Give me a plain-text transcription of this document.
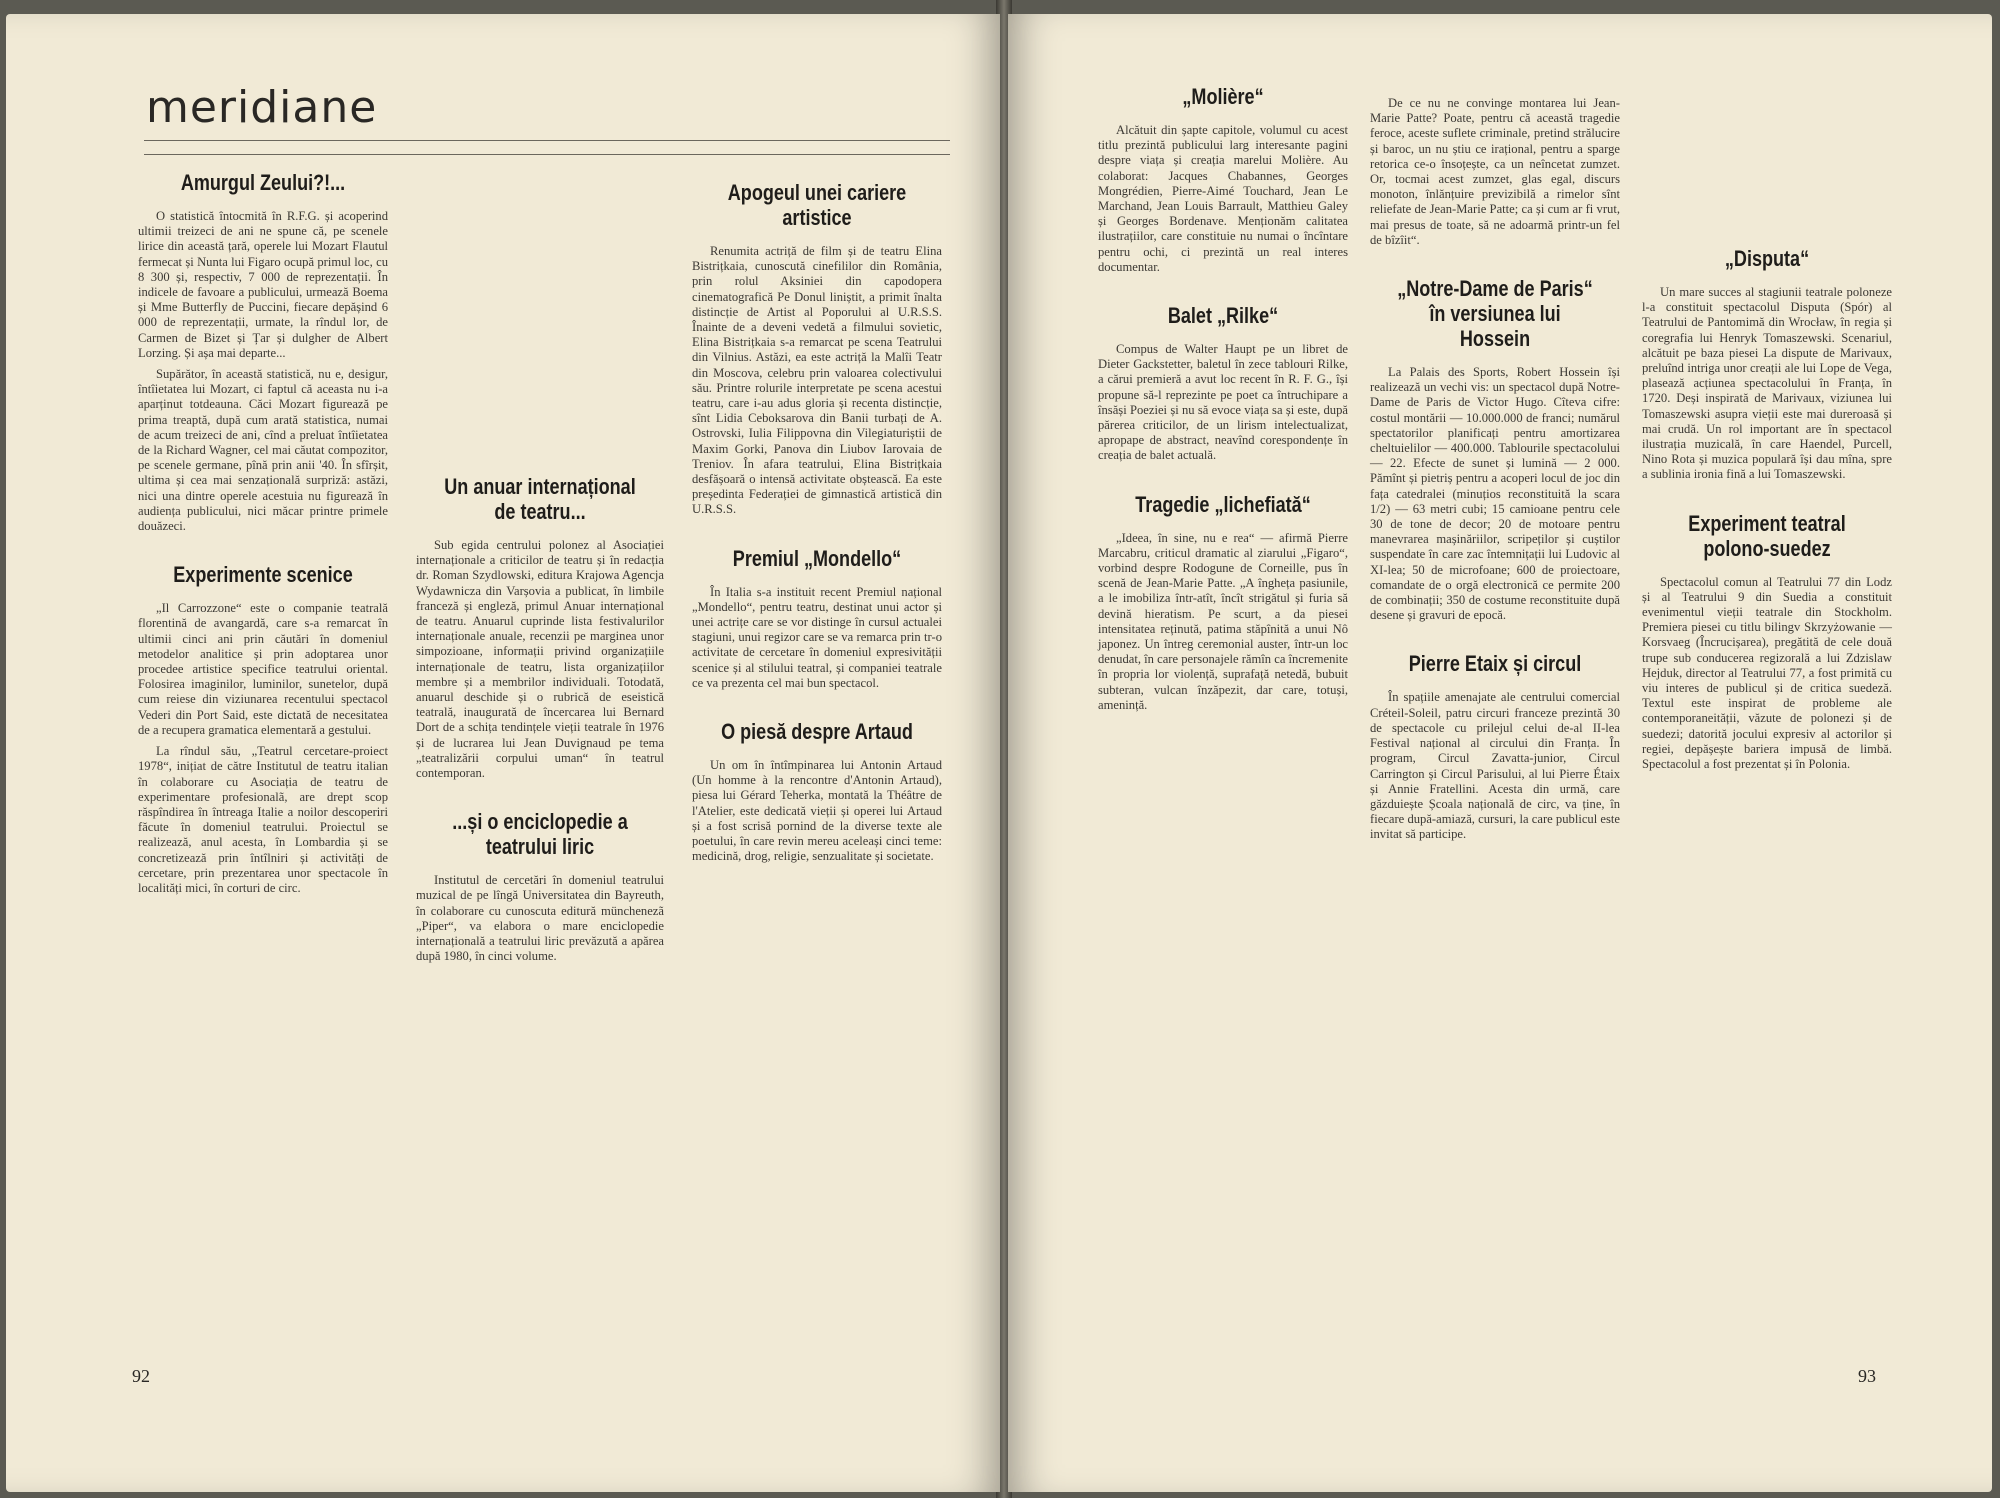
meridiane
Amurgul Zeului?!...

O statistică întocmită în R.F.G. și acoperind ultimii treizeci de ani ne spune că, pe scenele lirice din această țară, operele lui Mozart Flautul fermecat și Nunta lui Figaro ocupă primul loc, cu 8 300 și, respectiv, 7 000 de reprezentații. În indicele de favoare a publicului, urmează Boema și Mme Butterfly de Puccini, fiecare depășind 6 000 de reprezentații, urmate, la rîndul lor, de Carmen de Bizet și Țar și dulgher de Albert Lorzing. Și așa mai departe...

Supărător, în această statistică, nu e, desigur, întîietatea lui Mozart, ci faptul că aceasta nu i-a aparținut totdeauna. Căci Mozart figurează pe prima treaptă, după cum arată statistica, numai de acum treizeci de ani, cînd a preluat întîietatea de la Richard Wagner, cel mai căutat compozitor, pe scenele germane, pînă prin anii '40. În sfîrșit, ultima și cea mai senzațională surpriză: astăzi, nici una dintre operele acestuia nu figurează în audiența publicului, nici măcar printre primele douăzeci.

Experimente scenice

„Il Carrozzone“ este o companie teatrală florentină de avangardă, care s-a remarcat în ultimii cinci ani prin căutări în domeniul metodelor analitice și prin adoptarea unor procedee artistice specifice teatrului oriental. Folosirea imaginilor, luminilor, sunetelor, după cum reiese din viziunarea recentului spectacol Vederi din Port Said, este dictată de necesitatea de a recupera gramatica elementară a gestului.

La rîndul său, „Teatrul cercetare-proiect 1978“, inițiat de către Institutul de teatru italian în colaborare cu Asociația de teatru de experimentare profesionalã, are drept scop răspîndirea în întreaga Italie a noilor descoperiri făcute în domeniul teatrului. Proiectul se realizează, anul acesta, în Lombardia și se concretizează prin întîlniri și activități de cercetare, prin prezentarea unor spectacole în localități mici, în corturi de circ.

Un anuar internațional de teatru...

Sub egida centrului polonez al Asociației internaționale a criticilor de teatru și în redacția dr. Roman Szydlowski, editura Krajowa Agencja Wydawnicza din Varșovia a publicat, în limbile franceză și engleză, primul Anuar internațional de teatru. Anuarul cuprinde lista festivalurilor internaționale anuale, recenzii pe marginea unor simpozioane, informații privind organizațiile internaționale de teatru, lista organizațiilor membre și a membrilor individuali. Totodată, anuarul deschide și o rubrică de eseistică teatrală, inaugurată de încercarea lui Bernard Dort de a schița tendințele vieții teatrale în 1976 și de lucrarea lui Jean Duvignaud pe tema „teatralizării corpului uman“ în teatrul contemporan.

...și o enciclopedie a teatrului liric

Institutul de cercetări în domeniul teatrului muzical de pe lîngă Universitatea din Bayreuth, în colaborare cu cunoscuta editură münchenezã „Piper“, va elabora o mare enciclopedie internațională a teatrului liric prevăzută a apărea după 1980, în cinci volume.

Apogeul unei cariere artistice

Renumita actriță de film și de teatru Elina Bistrițkaia, cunoscută cinefililor din România, prin rolul Aksiniei din capodopera cinematografică Pe Donul liniștit, a primit înalta distincție de Artist al Poporului al U.R.S.S. Înainte de a deveni vedetă a filmului sovietic, Elina Bistrițkaia s-a remarcat pe scena Teatrului din Vilnius. Astăzi, ea este actriță la Malîi Teatr din Moscova, celebru prin valoarea colectivului său. Printre rolurile interpretate pe scena acestui teatru, care i-au adus gloria și recenta distincție, sînt Lidia Ceboksarova din Banii turbați de A. Ostrovski, Iulia Filippovna din Vilegiaturiștii de Maxim Gorki, Panova din Liubov Iarovaia de Treniov. În afara teatrului, Elina Bistrițkaia desfășoară o intensă activitate obștească. Ea este președinta Federației de gimnastică artistică din U.R.S.S.

Premiul „Mondello“

În Italia s-a instituit recent Premiul național „Mondello“, pentru teatru, destinat unui actor și unei actrițe care se vor distinge în cursul actualei stagiuni, unui regizor care se va remarca prin tr-o activitate de cercetare în domeniul expresivității scenice și al stilului teatral, și companiei teatrale ce va prezenta cel mai bun spectacol.

O piesă despre Artaud

Un om în întîmpinarea lui Antonin Artaud (Un homme à la rencontre d'Antonin Artaud), piesa lui Gérard Teherka, montată la Théâtre de l'Atelier, este dedicată vieții și operei lui Artaud și a fost scrisă pornind de la diverse texte ale poetului, în care revin mereu aceleași cinci teme: medicină, drog, religie, senzualitate și societate.

92
„Molière“

Alcătuit din șapte capitole, volumul cu acest titlu prezintă publicului larg interesante pagini despre viața și creația marelui Molière. Au colaborat: Jacques Chabannes, Georges Mongrédien, Pierre-Aimé Touchard, Jean Le Marchand, Jean Louis Barrault, Matthieu Galey și Georges Bordenave. Menționăm calitatea ilustrațiilor, care constituie nu numai o încîntare pentru ochi, ci prezintă un real interes documentar.

Balet „Rilke“

Compus de Walter Haupt pe un libret de Dieter Gackstetter, baletul în zece tablouri Rilke, a cărui premieră a avut loc recent în R. F. G., își propune să-l reprezinte pe poet ca întruchipare a însăși Poeziei și nu să evoce viața sa și este, după părerea criticilor, de un lirism intelectualizat, apropape de abstract, neavînd corespondențe în creația de balet actuală.

Tragedie „lichefiată“

„Ideea, în sine, nu e rea“ — afirmă Pierre Marcabru, criticul dramatic al ziarului „Figaro“, vorbind despre Rodogune de Corneille, pus în scenă de Jean-Marie Patte. „A înghețа pasiunile, a le imobiliza într-atît, încît strigătul și furia să devină hieratism. Pe scurt, a da piesei intensitatea reținută, patima stăpînită a unui Nô japonez. Un întreg ceremonial auster, într-un loc denudat, în care personajele rămîn ca încremenite în propria lor violență, suprafață netedă, bubuit subteran, vulcan înzăpezit, dar care, totuși, amenință.

De ce nu ne convinge montarea lui Jean-Marie Patte? Poate, pentru că această tragedie feroce, aceste suflete criminale, pretind strălucire și baroc, un nu știu ce irațional, pentru a sparge retorica ce-o însoțește, ca un neîncetat zumzet. Or, tocmai acest zumzet, glas egal, discurs monoton, înlănțuire previzibilă a rimelor sînt reliefate de Jean-Marie Patte; ca și cum ar fi vrut, mai presus de toate, să ne adoarmă printr-un fel de bîzîit“.

„Notre-Dame de Paris“ în versiunea lui Hossein

La Palais des Sports, Robert Hossein își realizează un vechi vis: un spectacol după Notre-Dame de Paris de Victor Hugo. Cîteva cifre: costul montării — 10.000.000 de franci; numărul spectatorilor planificați pentru amortizarea cheltuielilor — 400.000. Tablourile spectacolului — 22. Efecte de sunet și lumină — 2 000. Pămînt și pietriș pentru a acoperi locul de joc din fața catedralei (minuțios reconstituită la scara 1/2) — 63 metri cubi; 15 camioane pentru cele 30 de tone de decor; 20 de motoare pentru manevrarea mașinăriilor, scripeților și cuștilor suspendate în care zac întemnițații lui Ludovic al XI-lea; 50 de microfoane; 600 de proiectoare, comandate de o orgă electronică ce permite 200 de combinații; 350 de costume reconstituite după desene și gravuri de epocă.

Pierre Etaix și circul

În spațiile amenajate ale centrului comercial Créteil-Soleil, patru circuri franceze prezintă 30 de spectacole cu prilejul celui de-al II-lea Festival național al circului din Franța. În program, Circul Zavatta-junior, Circul Carrington și Circul Parisului, al lui Pierre Étaix și Annie Fratellini. Acesta din urmă, care găzduiește Școala națională de circ, va ține, în fiecare după-amiază, cursuri, la care publicul este invitat să participe.

„Disputa“

Un mare succes al stagiunii teatrale poloneze l-a constituit spectacolul Disputa (Spór) al Teatrului de Pantomimă din Wrocław, în regia și coregrafia lui Henryk Tomaszewski. Scenariul, alcătuit pe baza piesei La dispute de Marivaux, preluînd intriga unor creații ale lui Lope de Vega, plasează acțiunea spectacolului în Franța, în 1720. Deși inspirată de Marivaux, viziunea lui Tomaszewski asupra vieții este mai dureroasă și mai crudă. Un rol important are în spectacol ilustrația muzicală, în care Haendel, Purcell, Nino Rota și muzica populară își dau mîna, spre a sublinia ironia fină a lui Tomaszewski.

Experiment teatral polono-suedez

Spectacolul comun al Teatrului 77 din Lodz și al Teatrului 9 din Suedia a constituit evenimentul vieții teatrale din Stockholm. Premiera piesei cu titlu bilingv Skrzyżowanie — Korsvaeg (Încrucișarea), pregătită de cele două trupe sub conducerea regizorală a lui Zdzislaw Hejduk, director al Teatrului 77, a fost primită cu viu interes de publicul și de critica suedeză. Textul este inspirat de probleme ale contemporaneității, văzute de polonezi și de suedezi; datorită jocului expresiv al actorilor și regiei, depășește bariera impusă de limbă. Spectacolul a fost prezentat și în Polonia.

93
